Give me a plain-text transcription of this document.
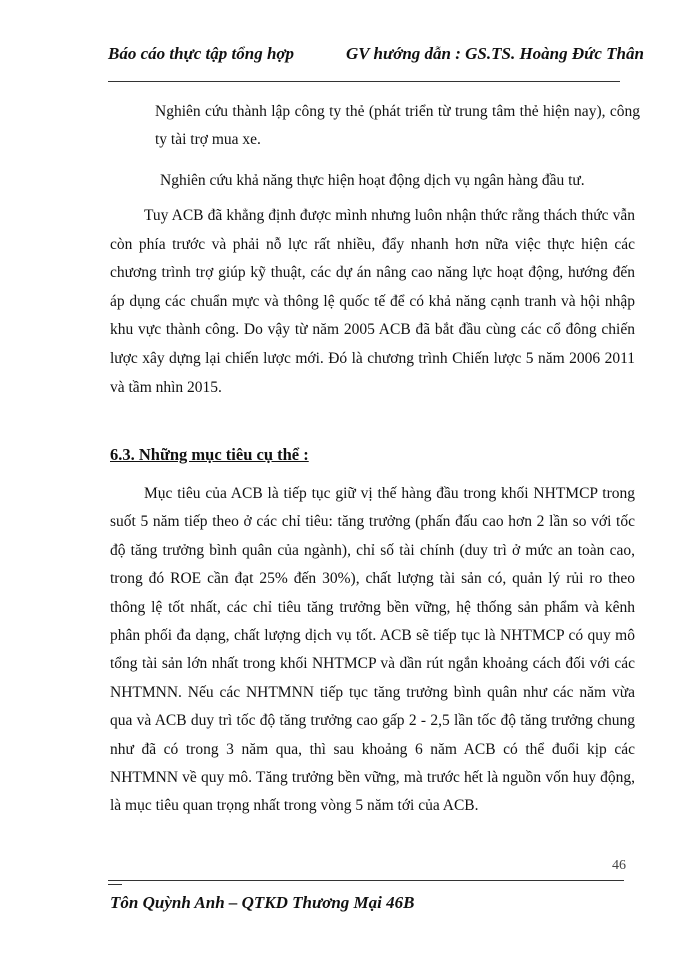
Báo cáo thực tập tổng hợp	GV hướng dẫn : GS.TS. Hoàng Đức Thân

Nghiên cứu thành lập công ty thẻ (phát triển từ trung tâm thẻ hiện nay), công ty tài trợ mua xe.

Nghiên cứu khả năng thực hiện hoạt động dịch vụ ngân hàng đầu tư.

Tuy ACB đã khẳng định được mình nhưng luôn nhận thức rằng thách thức vẫn còn phía trước và phải nỗ lực rất nhiều, đẩy nhanh hơn nữa việc thực hiện các chương trình trợ giúp kỹ thuật, các dự án nâng cao năng lực hoạt động, hướng đến áp dụng các chuẩn mực và thông lệ quốc tế để có khả năng cạnh tranh và hội nhập khu vực thành công. Do vậy từ năm 2005 ACB đã bắt đầu cùng các cổ đông chiến lược xây dựng lại chiến lược mới. Đó là chương trình Chiến lược 5 năm 2006 2011 và tầm nhìn 2015.

6.3. Những mục tiêu cụ thể :

Mục tiêu của ACB là tiếp tục giữ vị thế hàng đầu trong khối NHTMCP trong suốt 5 năm tiếp theo ở các chỉ tiêu: tăng trưởng (phấn đấu cao hơn 2 lần so với tốc độ tăng trưởng bình quân của ngành), chỉ số tài chính (duy trì ở mức an toàn cao, trong đó ROE cần đạt 25% đến 30%), chất lượng tài sản có, quản lý rủi ro theo thông lệ tốt nhất, các chỉ tiêu tăng trưởng bền vững, hệ thống sản phẩm và kênh phân phối đa dạng, chất lượng dịch vụ tốt. ACB sẽ tiếp tục là NHTMCP có quy mô tổng tài sản lớn nhất trong khối NHTMCP và dần rút ngắn khoảng cách đối với các NHTMNN. Nếu các NHTMNN tiếp tục tăng trưởng bình quân như các năm vừa qua và ACB duy trì tốc độ tăng trưởng cao gấp 2 - 2,5 lần tốc độ tăng trưởng chung như đã có trong 3 năm qua, thì sau khoảng 6 năm ACB có thể đuổi kịp các NHTMNN về quy mô. Tăng trưởng bền vững, mà trước hết là nguồn vốn huy động, là mục tiêu quan trọng nhất trong vòng 5 năm tới của ACB.

46
Tôn Quỳnh Anh – QTKD Thương Mại 46B
